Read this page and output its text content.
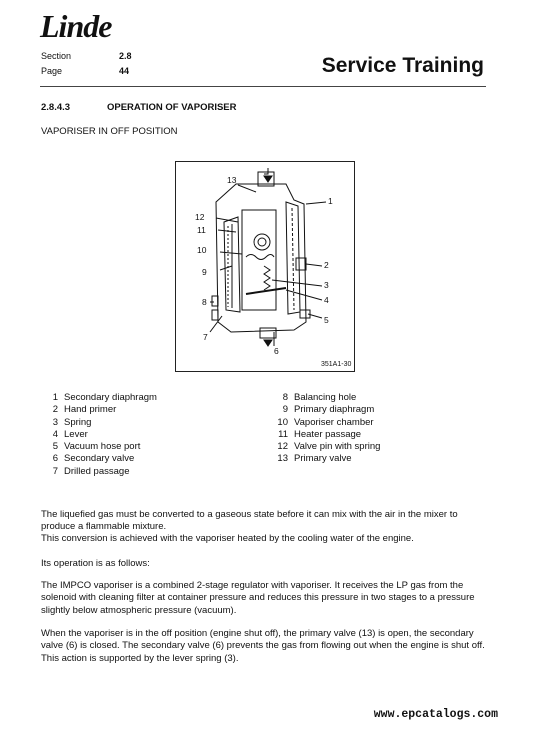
Linde
Section	2.8
Page	44	Service Training
2.8.4.3	OPERATION OF VAPORISER
VAPORISER IN OFF POSITION
13
1
12
11
10
2
9
3
8	4
5
7
6
351A1-30
1 Secondary diaphragm
2 Hand primer
3 Spring
4 Lever
5 Vacuum hose port
6 Secondary valve
7 Drilled passage
8 Balancing hole
9 Primary diaphragm
10 Vaporiser chamber
11 Heater passage
12 Valve pin with spring
13 Primary valve

The liquefied gas must be converted to a gaseous state before it can mix with the air in the mixer to produce a flammable mixture.

This conversion is achieved with the vaporiser heated by the cooling water of the engine.

Its operation is as follows:

The IMPCO vaporiser is a combined 2-stage regulator with vaporiser. It receives the LP gas from the solenoid with cleaning filter at container pressure and reduces this pressure in two stages to a pressure slightly below atmospheric pressure (vacuum).

When the vaporiser is in the off position (engine shut off), the primary valve (13) is open, the secondary valve (6) is closed. The secondary valve (6) prevents the gas from flowing out when the engine is shut off. This action is supported by the lever spring (3).

www.epcatalogs.com
